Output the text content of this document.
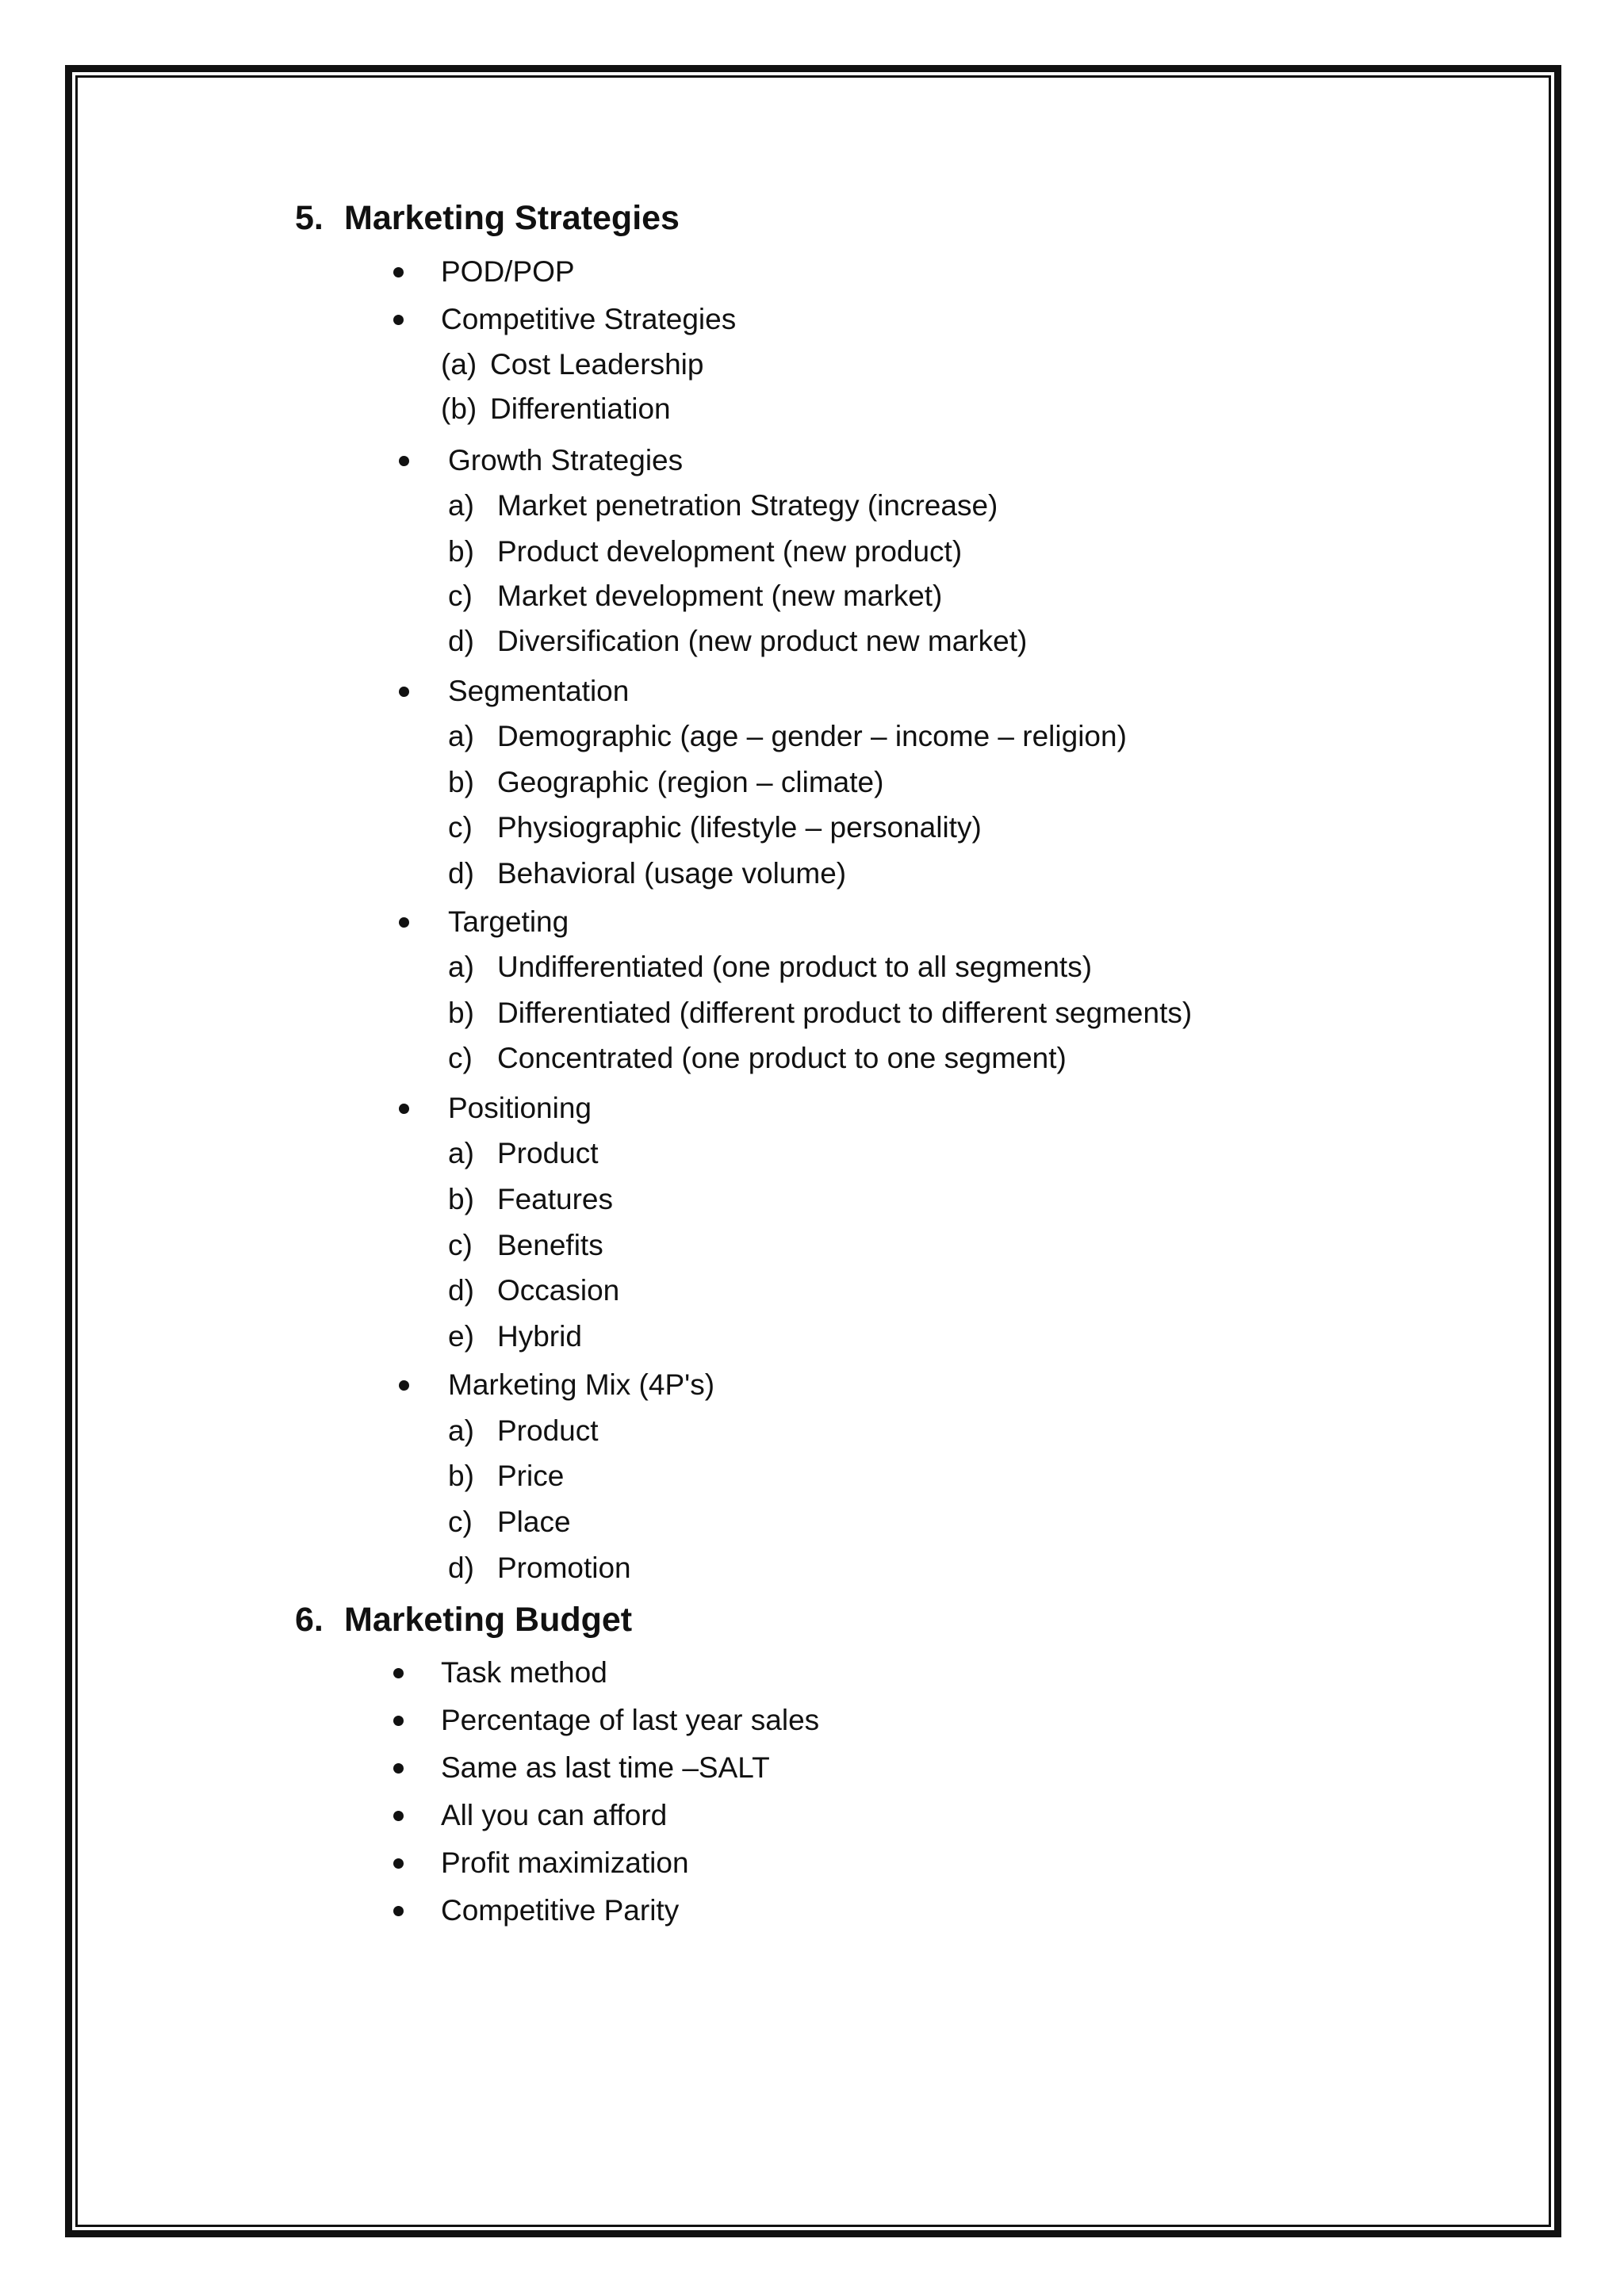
5. Marketing Strategies
POD/POP
Competitive Strategies
(a) Cost Leadership
(b) Differentiation
Growth Strategies
a) Market penetration Strategy (increase)
b) Product development (new product)
c) Market development (new market)
d) Diversification (new product new market)
Segmentation
a) Demographic (age – gender – income – religion)
b) Geographic (region – climate)
c) Physiographic (lifestyle – personality)
d) Behavioral (usage volume)
Targeting
a) Undifferentiated (one product to all segments)
b) Differentiated (different product to different segments)
c) Concentrated (one product to one segment)
Positioning
a) Product
b) Features
c) Benefits
d) Occasion
e) Hybrid
Marketing Mix (4P's)
a) Product
b) Price
c) Place
d) Promotion
6. Marketing Budget
Task method
Percentage of last year sales
Same as last time –SALT
All you can afford
Profit maximization
Competitive Parity
